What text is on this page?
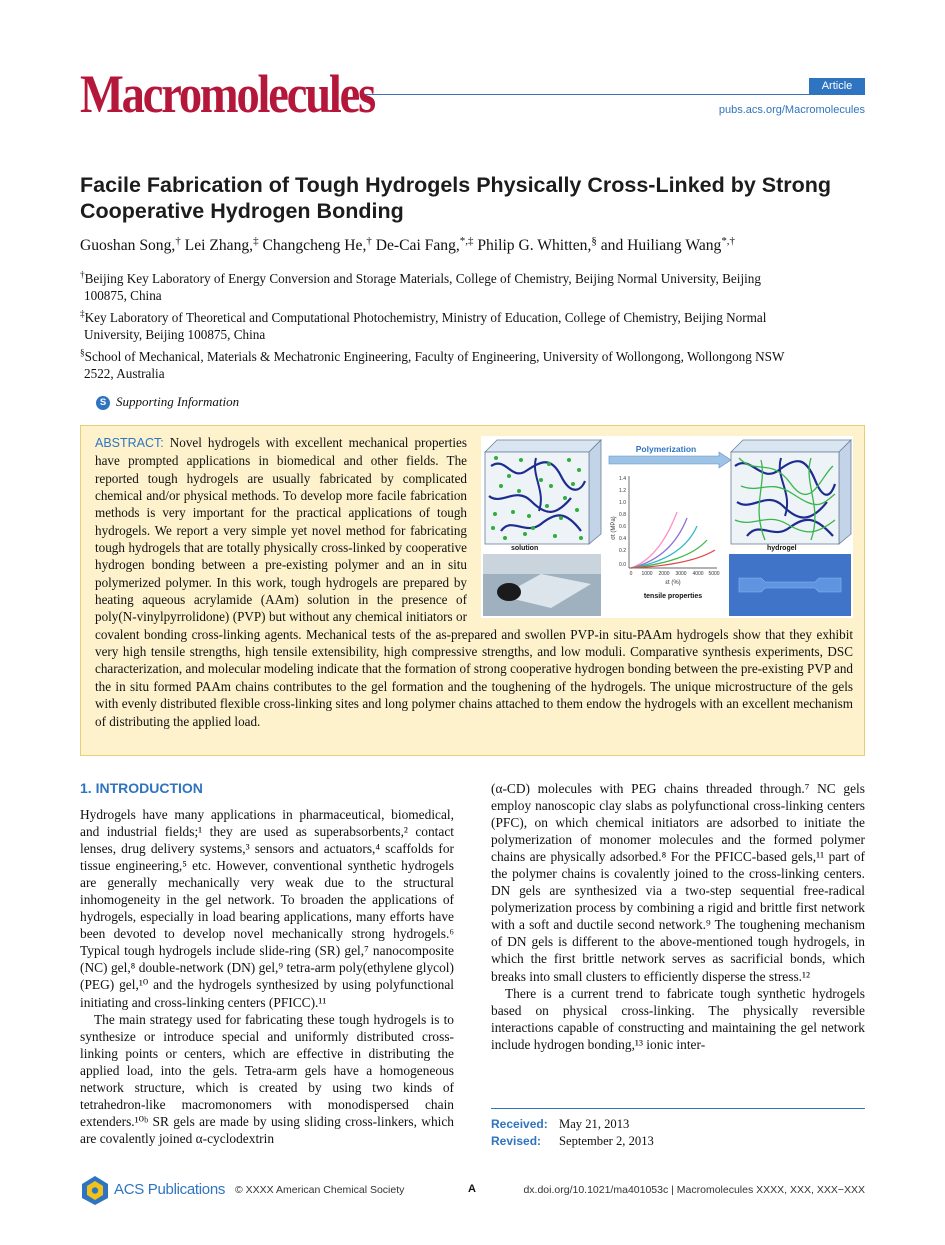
Macromolecules	Article
pubs.acs.org/Macromolecules
Facile Fabrication of Tough Hydrogels Physically Cross-Linked by Strong Cooperative Hydrogen Bonding
Guoshan Song,† Lei Zhang,‡ Changcheng He,† De-Cai Fang,*,‡ Philip G. Whitten,§ and Huiliang Wang*,†

†Beijing Key Laboratory of Energy Conversion and Storage Materials, College of Chemistry, Beijing Normal University, Beijing

100875, China

‡Key Laboratory of Theoretical and Computational Photochemistry, Ministry of Education, College of Chemistry, Beijing Normal

University, Beijing 100875, China

§School of Mechanical, Materials & Mechatronic Engineering, Faculty of Engineering, University of Wollongong, Wollongong NSW

2522, Australia

S Supporting Information
solution
Polymerization
1.4
1.2
1.0
0.8
0.6
0.4
0.2
0.0
0 1000 2000 3000 4000 5000
σt (MPa)
εt (%)
tensile properties
hydrogel
ABSTRACT: Novel hydrogels with excellent mechanical properties have prompted applications in biomedical and other fields. The reported tough hydrogels are usually fabricated by complicated chemical and/or physical methods. To develop more facile fabrication methods is very important for the practical applications of tough hydrogels. We report a very simple yet novel method for fabricating tough hydrogels that are totally physically cross-linked by cooperative hydrogen bonding between a pre-existing polymer and an in situ polymerized polymer. In this work, tough hydrogels are prepared by heating aqueous acrylamide (AAm) solution in the presence of poly(N-vinylpyrrolidone) (PVP) but without any chemical initiators or covalent bonding cross-linking agents. Mechanical tests of the as-prepared and swollen PVP-in situ-PAAm hydrogels show that they exhibit very high tensile strengths, high tensile extensibility, high compressive strengths, and low moduli. Comparative synthesis experiments, DSC characterization, and molecular modeling indicate that the formation of strong cooperative hydrogen bonding between the pre-existing PVP and the in situ formed PAAm chains contributes to the gel formation and the toughening of the hydrogels. The unique microstructure of the gels with evenly distributed flexible cross-linking sites and long polymer chains attached to them endow the hydrogels with an excellent mechanism of distributing the applied load.
1. INTRODUCTION

Hydrogels have many applications in pharmaceutical, biomedical, and industrial fields;¹ they are used as superabsorbents,² contact lenses, drug delivery systems,³ sensors and actuators,⁴ scaffolds for tissue engineering,⁵ etc. However, conventional synthetic hydrogels are generally mechanically very weak due to the structural inhomogeneity in the gel network. To broaden the applications of hydrogels, especially in load bearing applications, many efforts have been devoted to develop novel mechanically strong hydrogels.⁶ Typical tough hydrogels include slide-ring (SR) gel,⁷ nanocomposite (NC) gel,⁸ double-network (DN) gel,⁹ tetra-arm poly(ethylene glycol) (PEG) gel,¹⁰ and the hydrogels synthesized by using polyfunctional initiating and cross-linking centers (PFICC).¹¹

The main strategy used for fabricating these tough hydrogels is to synthesize or introduce special and uniformly distributed cross-linking points or centers, which are effective in distributing the applied load, into the gels. Tetra-arm gels have a homogeneous network structure, which is created by using two kinds of tetrahedron-like macromonomers with monodispersed chain extenders.¹⁰ᵇ SR gels are made by using sliding cross-linkers, which are covalently joined α-cyclodextrin

(α-CD) molecules with PEG chains threaded through.⁷ NC gels employ nanoscopic clay slabs as polyfunctional cross-linking centers (PFC), on which chemical initiators are adsorbed to initiate the polymerization of monomer molecules and the formed polymer chains are physically adsorbed.⁸ For the PFICC-based gels,¹¹ part of the polymer chains is covalently joined to the cross-linking centers. DN gels are synthesized via a two-step sequential free-radical polymerization process by combining a rigid and brittle first network with a soft and ductile second network.⁹ The toughening mechanism of DN gels is different to the above-mentioned tough hydrogels, in which the first brittle network serves as sacrificial bonds, which breaks into small clusters to efficiently disperse the stress.¹²

There is a current trend to fabricate tough synthetic hydrogels based on physical cross-linking. The physically reversible interactions capable of constructing and maintaining the gel network include hydrogen bonding,¹³ ionic inter-

Received: May 21, 2013
Revised: September 2, 2013
ACS Publications © XXXX American Chemical Society	A	dx.doi.org/10.1021/ma401053c | Macromolecules XXXX, XXX, XXX−XXX
